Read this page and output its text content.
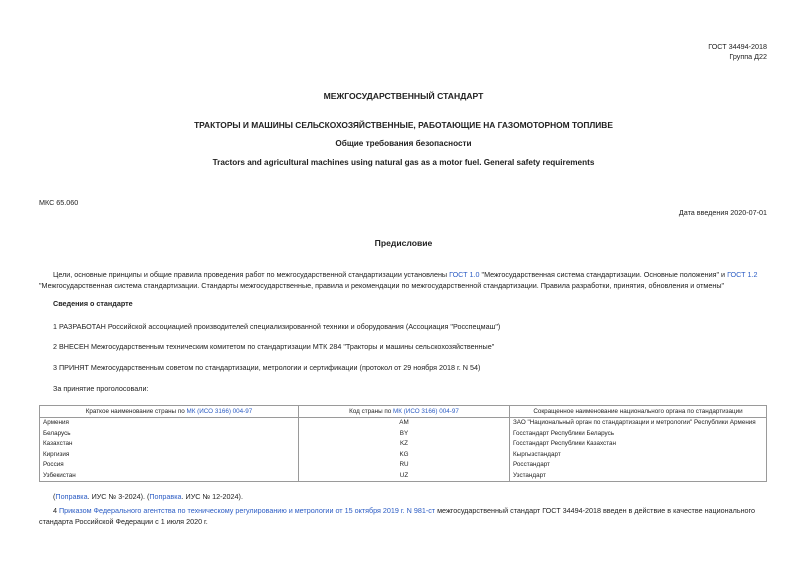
ГОСТ 34494-2018
Группа Д22
МЕЖГОСУДАРСТВЕННЫЙ СТАНДАРТ
ТРАКТОРЫ И МАШИНЫ СЕЛЬСКОХОЗЯЙСТВЕННЫЕ, РАБОТАЮЩИЕ НА ГАЗОМОТОРНОМ ТОПЛИВЕ
Общие требования безопасности
Tractors and agricultural machines using natural gas as a motor fuel. General safety requirements
МКС 65.060
Дата введения 2020-07-01
Предисловие
Цели, основные принципы и общие правила проведения работ по межгосударственной стандартизации установлены ГОСТ 1.0 "Межгосударственная система стандартизации. Основные положения" и ГОСТ 1.2 "Межгосударственная система стандартизации. Стандарты межгосударственные, правила и рекомендации по межгосударственной стандартизации. Правила разработки, принятия, обновления и отмены"
Сведения о стандарте
1 РАЗРАБОТАН Российской ассоциацией производителей специализированной техники и оборудования (Ассоциация "Росспецмаш")
2 ВНЕСЕН Межгосударственным техническим комитетом по стандартизации МТК 284 "Тракторы и машины сельскохозяйственные"
3 ПРИНЯТ Межгосударственным советом по стандартизации, метрологии и сертификации (протокол от 29 ноября 2018 г. N 54)
За принятие проголосовали:
Краткое наименование страны по МК (ИСО 3166) 004-97	Код страны по МК (ИСО 3166) 004-97	Сокращенное наименование национального органа по стандартизации
Армения	AM	ЗАО "Национальный орган по стандартизации и метрологии" Республики Армения
Беларусь	BY	Госстандарт Республики Беларусь
Казахстан	KZ	Госстандарт Республики Казахстан
Киргизия	KG	Кыргызстандарт
Россия	RU	Росстандарт
Узбекистан	UZ	Узстандарт
(Поправка. ИУС № 3-2024). (Поправка. ИУС № 12-2024).
4 Приказом Федерального агентства по техническому регулированию и метрологии от 15 октября 2019 г. N 981-ст межгосударственный стандарт ГОСТ 34494-2018 введен в действие в качестве национального стандарта Российской Федерации с 1 июля 2020 г.
